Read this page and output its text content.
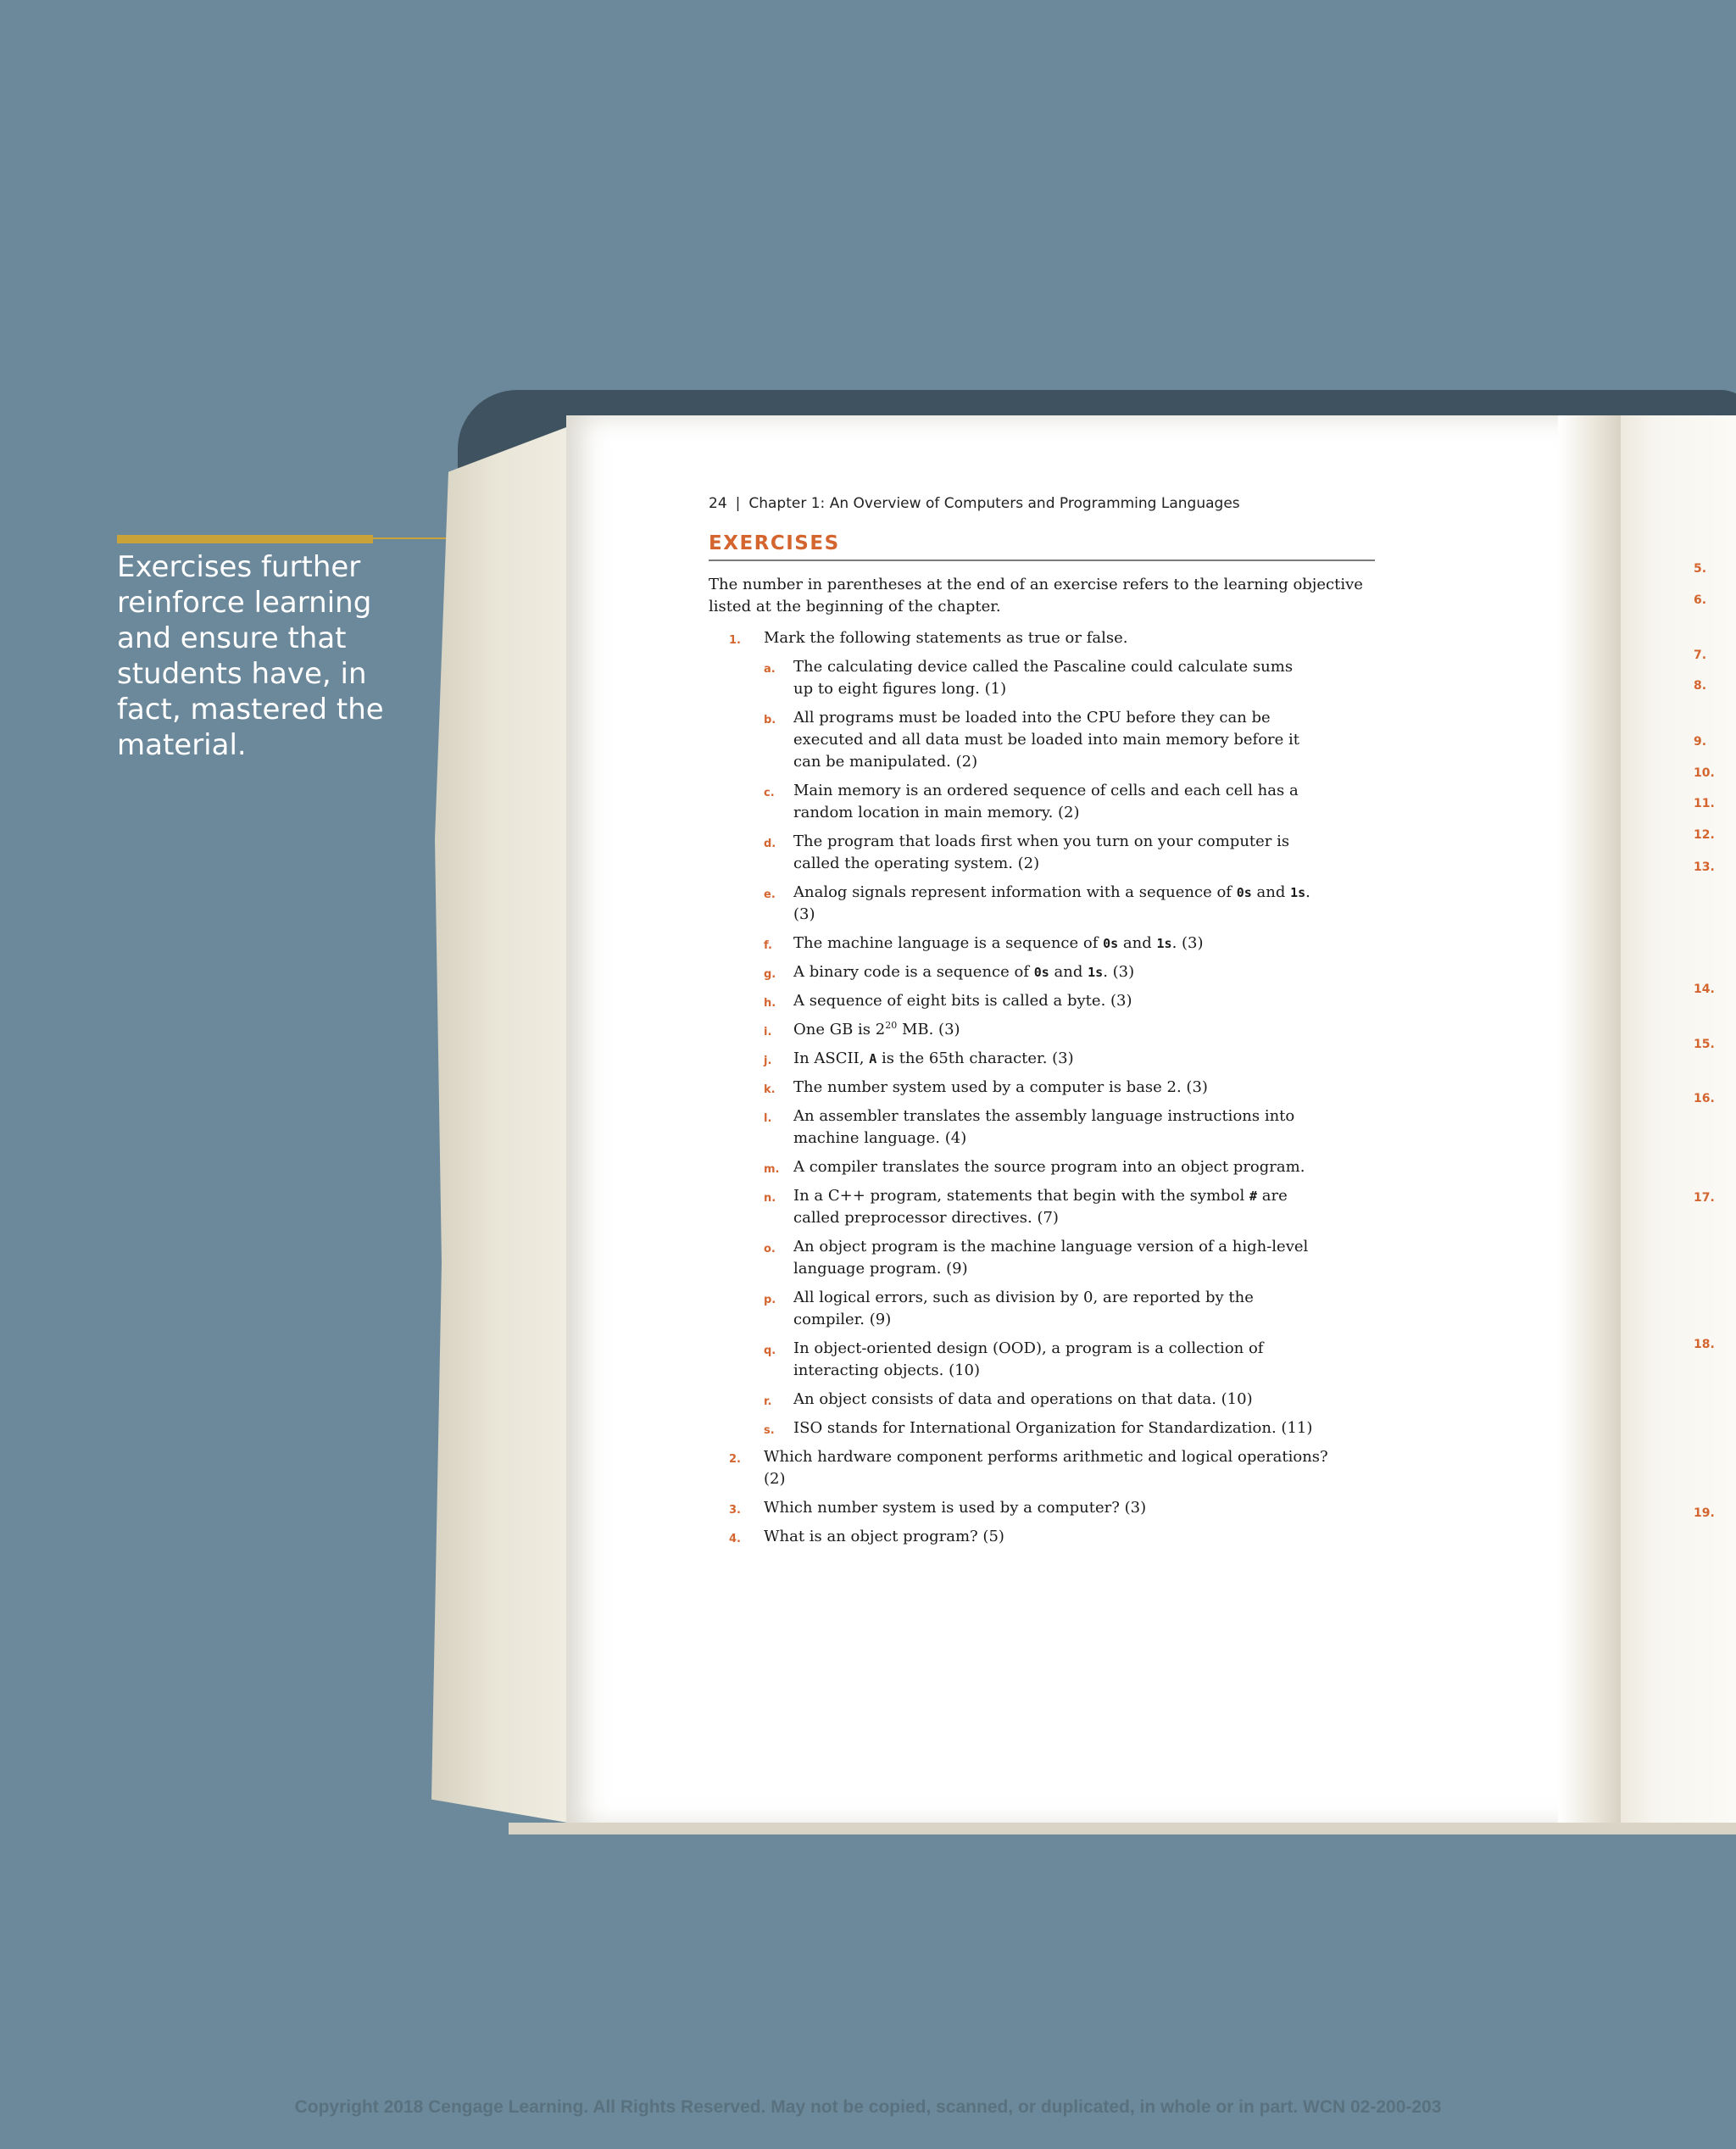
Exercises further reinforce learning and ensure that students have, in fact, mastered the material.
24 | Chapter 1: An Overview of Computers and Programming Languages
EXERCISES
The number in parentheses at the end of an exercise refers to the learning objective listed at the beginning of the chapter.
1. Mark the following statements as true or false.
a. The calculating device called the Pascaline could calculate sums up to eight figures long. (1)
b. All programs must be loaded into the CPU before they can be executed and all data must be loaded into main memory before it can be manipulated. (2)
c. Main memory is an ordered sequence of cells and each cell has a random location in main memory. (2)
d. The program that loads first when you turn on your computer is called the operating system. (2)
e. Analog signals represent information with a sequence of 0s and 1s. (3)
f. The machine language is a sequence of 0s and 1s. (3)
g. A binary code is a sequence of 0s and 1s. (3)
h. A sequence of eight bits is called a byte. (3)
i. One GB is $2^{20}$ MB. (3)
j. In ASCII, A is the 65th character. (3)
k. The number system used by a computer is base 2. (3)
l. An assembler translates the assembly language instructions into machine language. (4)
m. A compiler translates the source program into an object program.
n. In a C++ program, statements that begin with the symbol # are called preprocessor directives. (7)
o. An object program is the machine language version of a high-level language program. (9)
p. All logical errors, such as division by 0, are reported by the compiler. (9)
q. In object-oriented design (OOD), a program is a collection of interacting objects. (10)
r. An object consists of data and operations on that data. (10)
s. ISO stands for International Organization for Standardization. (11)
2. Which hardware component performs arithmetic and logical operations? (2)
3. Which number system is used by a computer? (3)
4. What is an object program? (5)
5.
6.
7.
8.
9.
10.
11.
12.
13.
14.
15.
16.
17.
18.
19.
Copyright 2018 Cengage Learning. All Rights Reserved. May not be copied, scanned, or duplicated, in whole or in part. WCN 02-200-203
